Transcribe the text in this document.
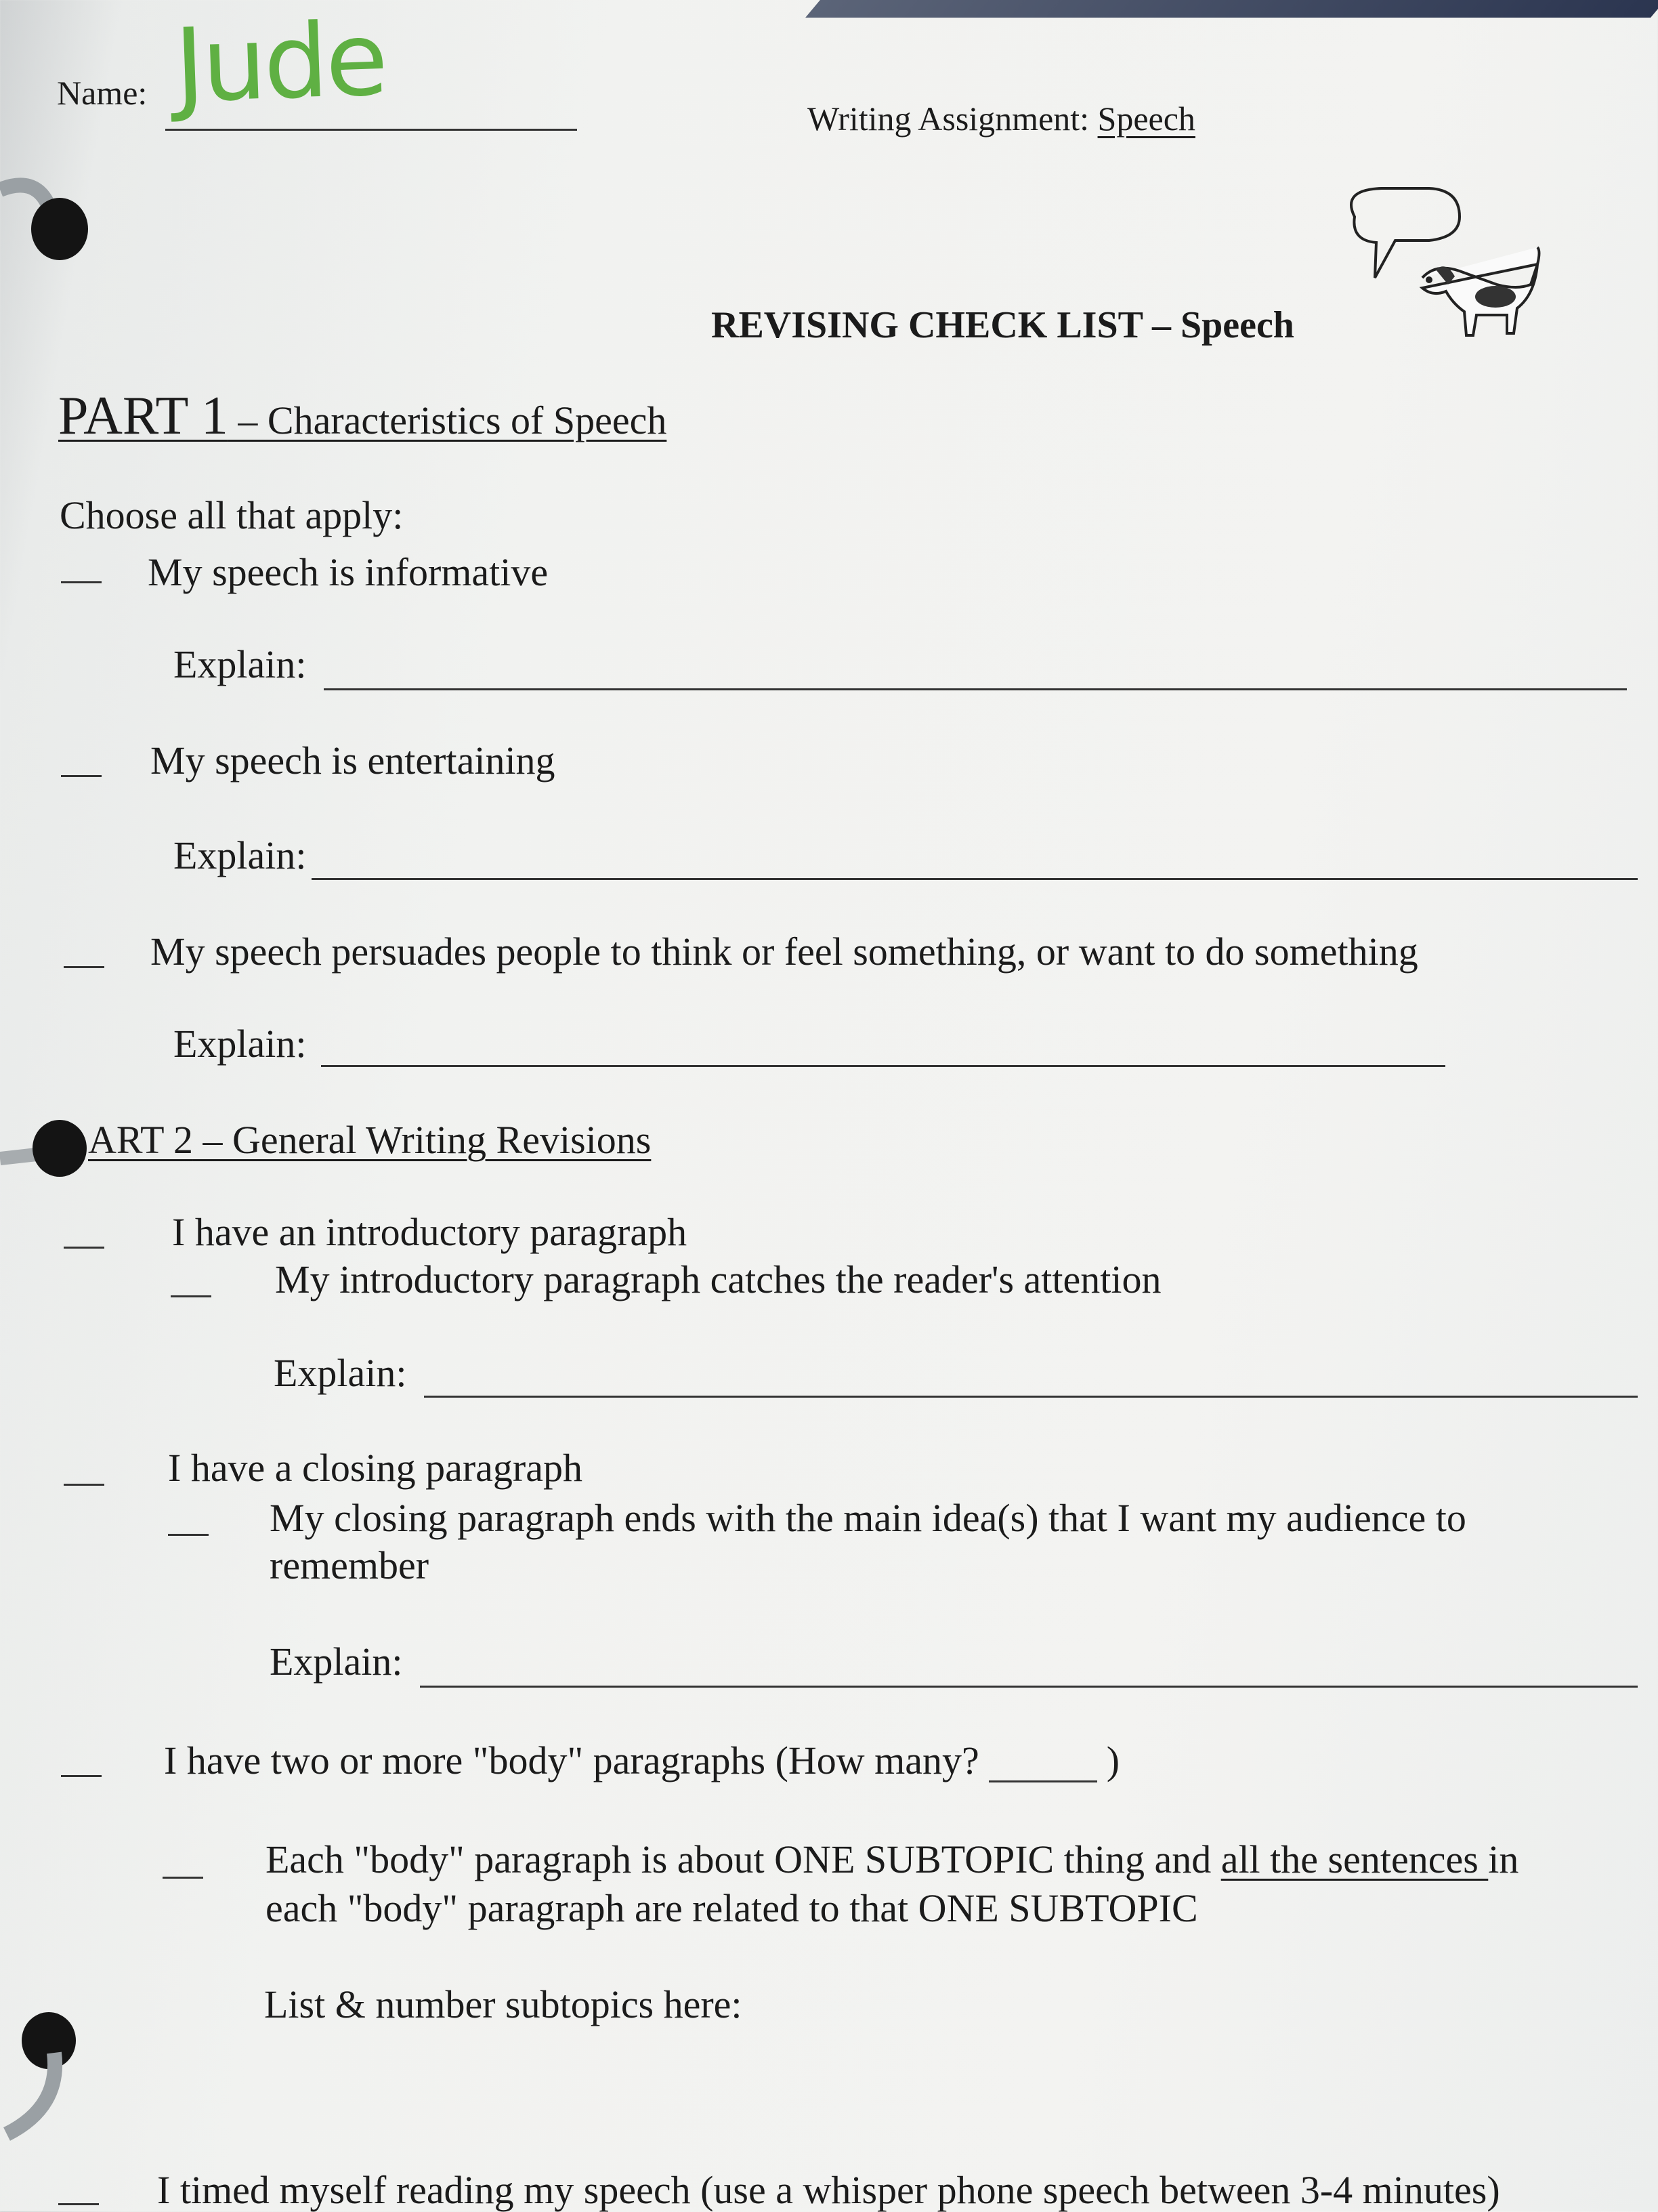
Name: Jude	Writing Assignment: Speech
REVISING CHECK LIST – Speech
PART 1 – Characteristics of Speech
Choose all that apply:
My speech is informative
Explain:
My speech is entertaining
Explain:
My speech persuades people to think or feel something, or want to do something
Explain:
ART 2 – General Writing Revisions
I have an introductory paragraph
My introductory paragraph catches the reader's attention
Explain:
I have a closing paragraph
My closing paragraph ends with the main idea(s) that I want my audience to
remember
Explain:
I have two or more "body" paragraphs (How many?	)
Each "body" paragraph is about ONE SUBTOPIC thing and all the sentences in
each "body" paragraph are related to that ONE SUBTOPIC
List & number subtopics here:
I timed myself reading my speech (use a whisper phone speech between 3-4 minutes)
